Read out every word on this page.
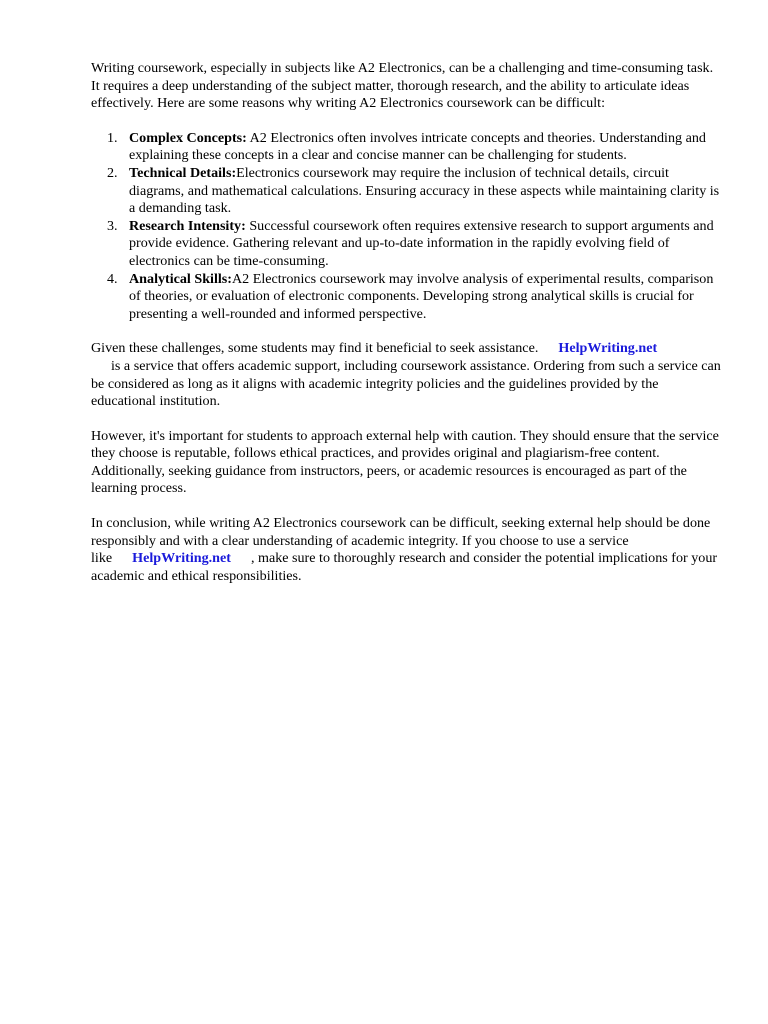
Writing coursework, especially in subjects like A2 Electronics, can be a challenging and time-consuming task. It requires a deep understanding of the subject matter, thorough research, and the ability to articulate ideas effectively. Here are some reasons why writing A2 Electronics coursework can be difficult:

1. Complex Concepts: A2 Electronics often involves intricate concepts and theories. Understanding and explaining these concepts in a clear and concise manner can be challenging for students.
2. Technical Details:Electronics coursework may require the inclusion of technical details, circuit diagrams, and mathematical calculations. Ensuring accuracy in these aspects while maintaining clarity is a demanding task.
3. Research Intensity: Successful coursework often requires extensive research to support arguments and provide evidence. Gathering relevant and up-to-date information in the rapidly evolving field of electronics can be time-consuming.
4. Analytical Skills:A2 Electronics coursework may involve analysis of experimental results, comparison of theories, or evaluation of electronic components. Developing strong analytical skills is crucial for presenting a well-rounded and informed perspective.

Given these challenges, some students may find it beneficial to seek assistance. HelpWriting.net
is a service that offers academic support, including coursework assistance. Ordering from such a service can be considered as long as it aligns with academic integrity policies and the guidelines provided by the educational institution.

However, it's important for students to approach external help with caution. They should ensure that the service they choose is reputable, follows ethical practices, and provides original and plagiarism-free content. Additionally, seeking guidance from instructors, peers, or academic resources is encouraged as part of the learning process.

In conclusion, while writing A2 Electronics coursework can be difficult, seeking external help should be done responsibly and with a clear understanding of academic integrity. If you choose to use a service like HelpWriting.net , make sure to thoroughly research and consider the potential implications for your academic and ethical responsibilities.
